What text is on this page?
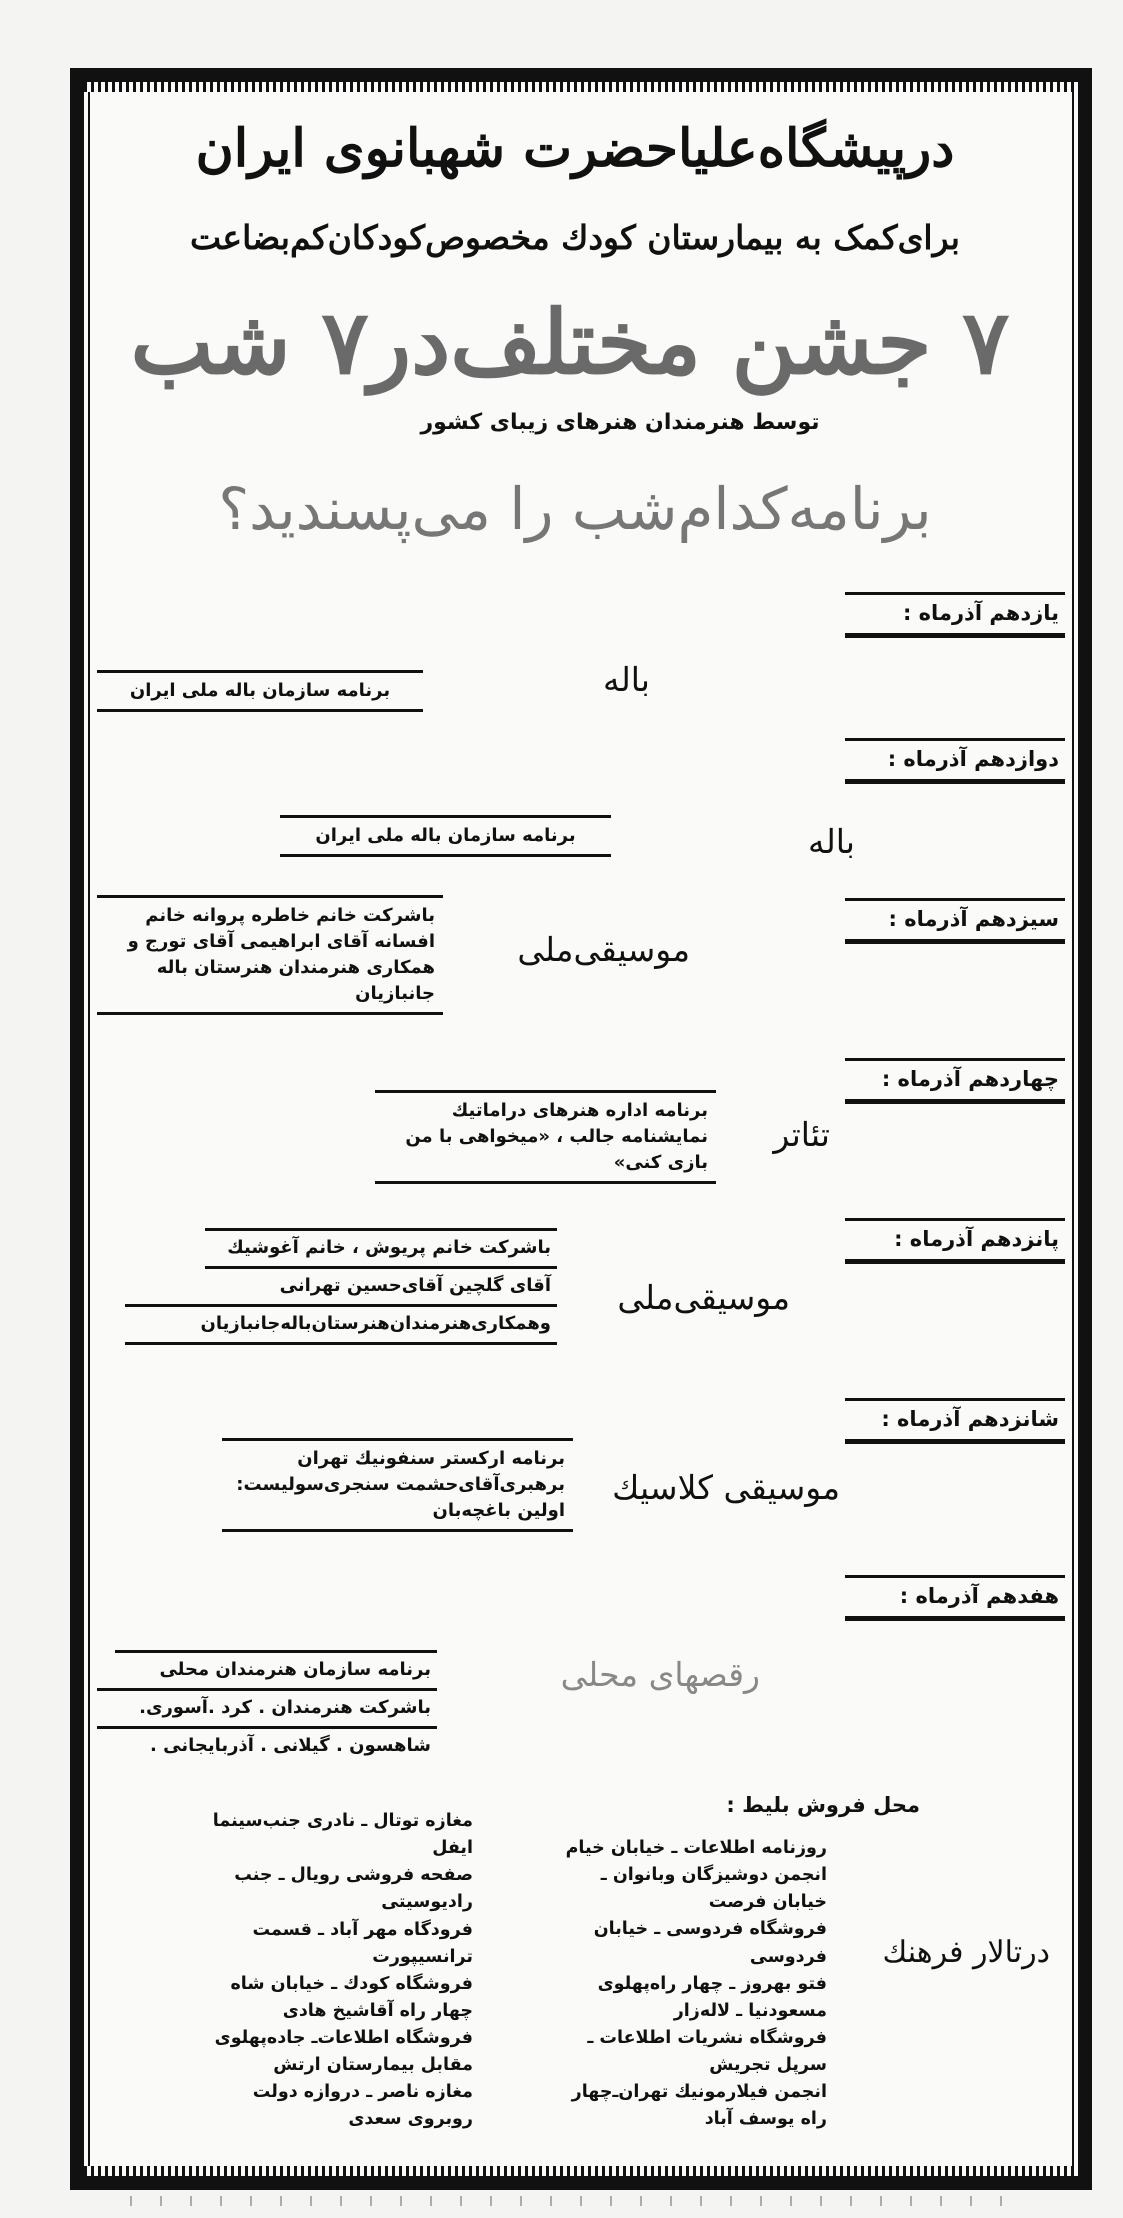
درپیشگاه‌علیاحضرت شهبانوی ایران
برای‌کمک به بیمارستان کودك مخصوص‌کودکان‌کم‌بضاعت
۷ جشن مختلف‌در۷ شب
توسط هنرمندان هنرهای زیبای کشور
برنامه‌کدام‌شب را می‌پسندید؟
یازدهم آذرماه :
باله
برنامه سازمان باله ملی ایران
دوازدهم آذرماه :
باله
برنامه سازمان باله ملی ایران
سیزدهم آذرماه :
موسیقی‌ملی
باشرکت خانم خاطره پروانه خانم
افسانه آقای ابراهیمی آقای تورج و
همکاری هنرمندان هنرستان باله
جانبازیان
چهاردهم آذرماه :
تئاتر
برنامه اداره هنرهای دراماتیك
نمایشنامه جالب ، «میخواهی با من
بازی کنی»
پانزدهم آذرماه :
موسیقی‌ملی
باشرکت خانم پریوش ، خانم آغوشیك
آقای گلچین آقای‌حسین تهرانی
وهمکاری‌هنرمندان‌هنرستان‌باله‌جانبازیان
شانزدهم آذرماه :
موسیقی کلاسیك
برنامه ارکستر سنفونیك تهران
برهبری‌آقای‌حشمت سنجری‌سولیست:
اولین باغچه‌بان
هفدهم آذرماه :
رقصهای محلی
برنامه سازمان هنرمندان محلی
باشرکت هنرمندان . کرد .آسوری.
شاهسون . گیلانی . آذربایجانی .
محل فروش بلیط :
درتالار فرهنك
روزنامه اطلاعات ـ خیابان خیام
انجمن دوشیزگان وبانوان ـ
خیابان فرصت
فروشگاه فردوسی ـ خیابان
فردوسی
فتو بهروز ـ چهار راه‌پهلوی
مسعودنیا ـ لاله‌زار
فروشگاه نشریات اطلاعات ـ
سرپل تجریش
انجمن فیلارمونیك تهران‌ـ‌چهار
راه یوسف آباد
مغازه توتال ـ نادری جنب‌سینما
ایفل
صفحه فروشی رویال ـ جنب
رادیوسیتی
فرودگاه مهر آباد ـ قسمت
ترانسیپورت
فروشگاه کودك ـ خیابان شاه
چهار راه آقاشیخ هادی
فروشگاه اطلاعات‌ـ جاده‌پهلوی
مقابل بیمارستان ارتش
مغازه ناصر ـ دروازه دولت
روبروی سعدی
